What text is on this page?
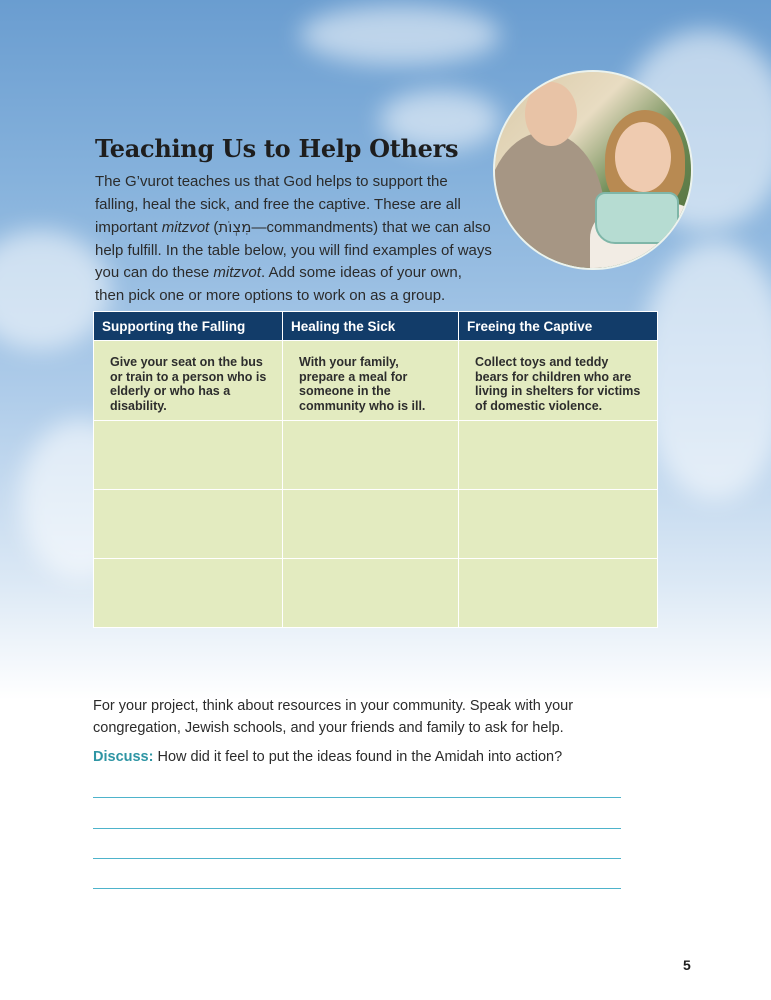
Teaching Us to Help Others

The G’vurot teaches us that God helps to support the falling, heal the sick, and free the captive. These are all important mitzvot (מִצְוֹת—commandments) that we can also help fulfill. In the table below, you will find examples of ways you can do these mitzvot. Add some ideas of your own, then pick one or more options to work on as a group.

Supporting the Falling	Healing the Sick	Freeing the Captive
Give your seat on the bus or train to a person who is elderly or who has a disability.	With your family, prepare a meal for someone in the community who is ill.	Collect toys and teddy bears for children who are living in shelters for victims of domestic violence.

For your project, think about resources in your community. Speak with your congregation, Jewish schools, and your friends and family to ask for help.

Discuss: How did it feel to put the ideas found in the Amidah into action?

5
